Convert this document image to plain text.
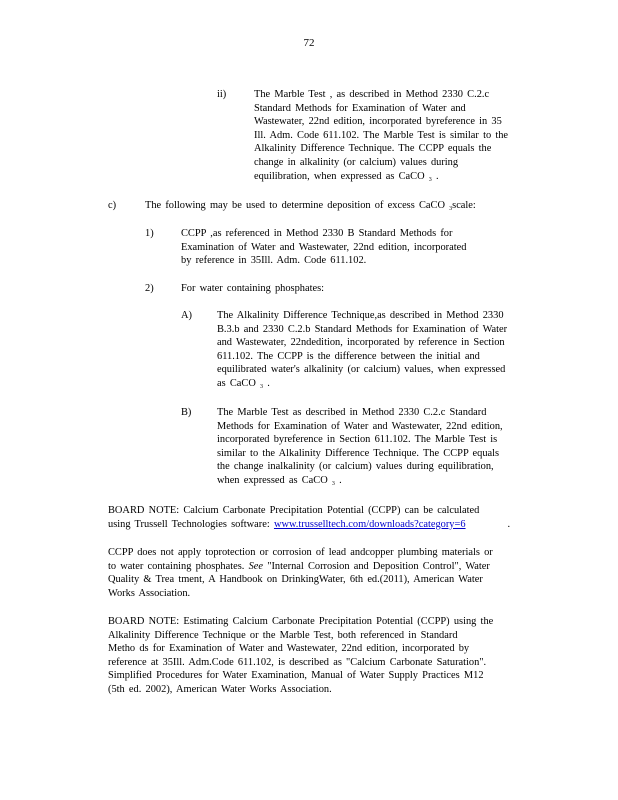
72
ii)	The Marble Test , as described in Method 2330 C.2.c
Standard Methods for Examination of Water and
Wastewater, 22nd edition, incorporated byreference in 35
Ill. Adm. Code 611.102. The Marble Test is similar to the
Alkalinity Difference Technique. The CCPP equals the
change in alkalinity (or calcium) values during
equilibration, when expressed as CaCO $_3$ .
c)	The following may be used to determine deposition of excess CaCO $_3$scale:
1)	CCPP ,as referenced in Method 2330 B Standard Methods for
Examination of Water and Wastewater, 22nd edition, incorporated
by reference in 35Ill. Adm. Code 611.102.
2)	For water containing phosphates:
A) The Alkalinity Difference Technique,as described in Method 2330
B.3.b and 2330 C.2.b Standard Methods for Examination of Water
and Wastewater, 22ndedition, incorporated by reference in Section
611.102. The CCPP is the difference between the initial and
equilibrated water's alkalinity (or calcium) values, when expressed
as CaCO $_3$ .
B) The Marble Test as described in Method 2330 C.2.c Standard
Methods for Examination of Water and Wastewater, 22nd edition,
incorporated byreference in Section 611.102. The Marble Test is
similar to the Alkalinity Difference Technique. The CCPP equals
the change inalkalinity (or calcium) values during equilibration,
when expressed as CaCO $_3$ .
BOARD NOTE: Calcium Carbonate Precipitation Potential (CCPP) can be calculated
using Trussell Technologies software: www.trusselltech.com/downloads?category=6	.
CCPP does not apply toprotection or corrosion of lead andcopper plumbing materials or
to water containing phosphates. See "Internal Corrosion and Deposition Control", Water
Quality & Trea tment, A Handbook on DrinkingWater, 6th ed.(2011), American Water
Works Association.
BOARD NOTE: Estimating Calcium Carbonate Precipitation Potential (CCPP) using the
Alkalinity Difference Technique or the Marble Test, both referenced in Standard
Metho ds for Examination of Water and Wastewater, 22nd edition, incorporated by
reference at 35Ill. Adm.Code 611.102, is described as "Calcium Carbonate Saturation".
Simplified Procedures for Water Examination, Manual of Water Supply Practices M12
(5th ed. 2002), American Water Works Association.
